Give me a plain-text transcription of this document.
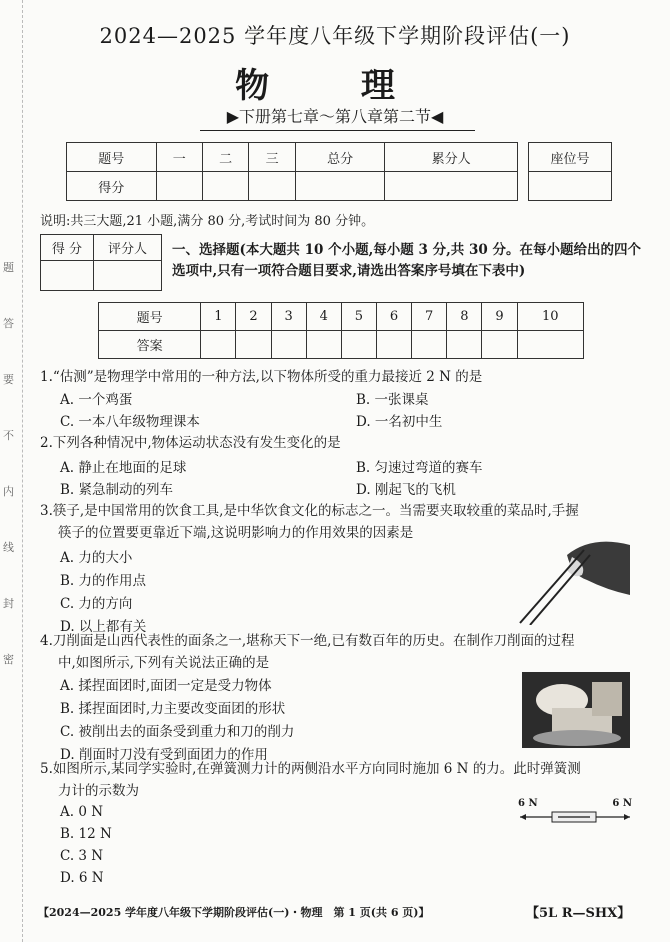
题
答
要
不
内
线
封
密
2024—2025 学年度八年级下学期阶段评估(一)
物 理
▶下册第七章～第八章第二节◀
题号	一	二	三	总分	累分人
得分					
座位号

说明:共三大题,21 小题,满分 80 分,考试时间为 80 分钟。
得 分	评分人
	一、选择题(本大题共 10 个小题,每小题 3 分,共 30 分。在每小题给出的四个选项中,只有一项符合题目要求,请选出答案序号填在下表中)
题号	1	2	3	4	5	6	7	8	9	10
答案										
1.“估测”是物理学中常用的一种方法,以下物体所受的重力最接近 2 N 的是
A. 一个鸡蛋	B. 一张课桌
C. 一本八年级物理课本	D. 一名初中生
2.下列各种情况中,物体运动状态没有发生变化的是
A. 静止在地面的足球	B. 匀速过弯道的赛车
B. 紧急制动的列车	D. 刚起飞的飞机
3.筷子,是中国常用的饮食工具,是中华饮食文化的标志之一。当需要夹取较重的菜品时,手握
筷子的位置要更靠近下端,这说明影响力的作用效果的因素是
A. 力的大小
B. 力的作用点
C. 力的方向
D. 以上都有关
4.刀削面是山西代表性的面条之一,堪称天下一绝,已有数百年的历史。在制作刀削面的过程
中,如图所示,下列有关说法正确的是
A. 揉捏面团时,面团一定是受力物体
B. 揉捏面团时,力主要改变面团的形状
C. 被削出去的面条受到重力和刀的削力
D. 削面时刀没有受到面团力的作用
5.如图所示,某同学实验时,在弹簧测力计的两侧沿水平方向同时施加 6 N 的力。此时弹簧测
力计的示数为
A. 0 N
B. 12 N
C. 3 N
D. 6 N
6 N	6 N
【2024—2025 学年度八年级下学期阶段评估(一)・物理　第 1 页(共 6 页)】	【5L R—SHX】
